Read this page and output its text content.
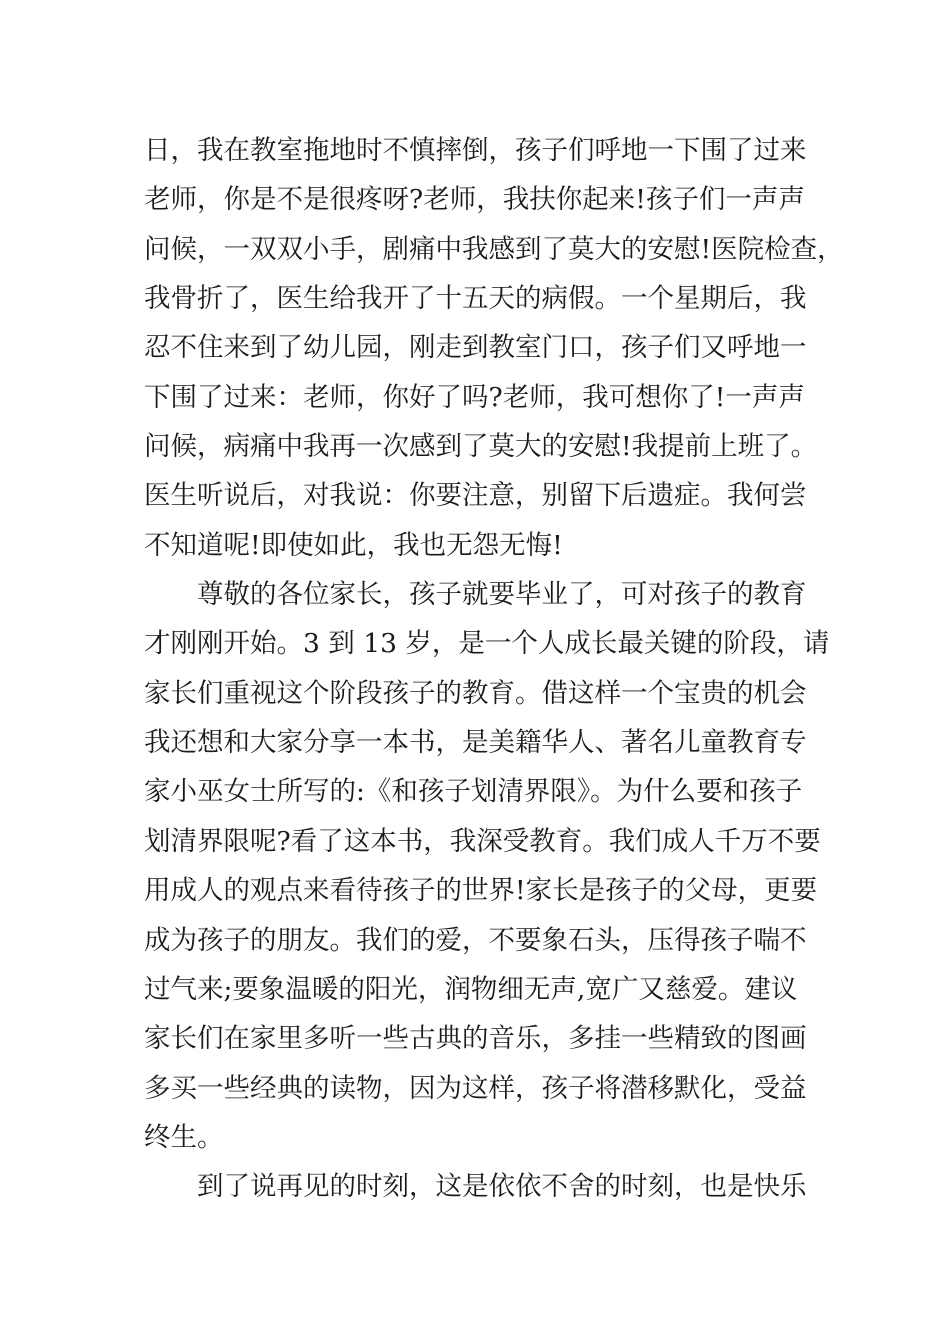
日，我在教室拖地时不慎摔倒，孩子们呼地一下围了过来
老师，你是不是很疼呀?老师，我扶你起来!孩子们一声声
问候，一双双小手，剧痛中我感到了莫大的安慰!医院检查，
我骨折了，医生给我开了十五天的病假。一个星期后，我
忍不住来到了幼儿园，刚走到教室门口，孩子们又呼地一
下围了过来：老师，你好了吗?老师，我可想你了!一声声
问候，病痛中我再一次感到了莫大的安慰!我提前上班了。
医生听说后，对我说：你要注意，别留下后遗症。我何尝
不知道呢!即使如此，我也无怨无悔!
尊敬的各位家长，孩子就要毕业了，可对孩子的教育
才刚刚开始。3 到 13 岁，是一个人成长最关键的阶段，请
家长们重视这个阶段孩子的教育。借这样一个宝贵的机会
我还想和大家分享一本书，是美籍华人、著名儿童教育专
家小巫女士所写的:《和孩子划清界限》。为什么要和孩子
划清界限呢?看了这本书，我深受教育。我们成人千万不要
用成人的观点来看待孩子的世界!家长是孩子的父母，更要
成为孩子的朋友。我们的爱，不要象石头，压得孩子喘不
过气来;要象温暖的阳光，润物细无声,宽广又慈爱。建议
家长们在家里多听一些古典的音乐，多挂一些精致的图画
多买一些经典的读物，因为这样，孩子将潜移默化，受益
终生。
到了说再见的时刻，这是依依不舍的时刻，也是快乐
